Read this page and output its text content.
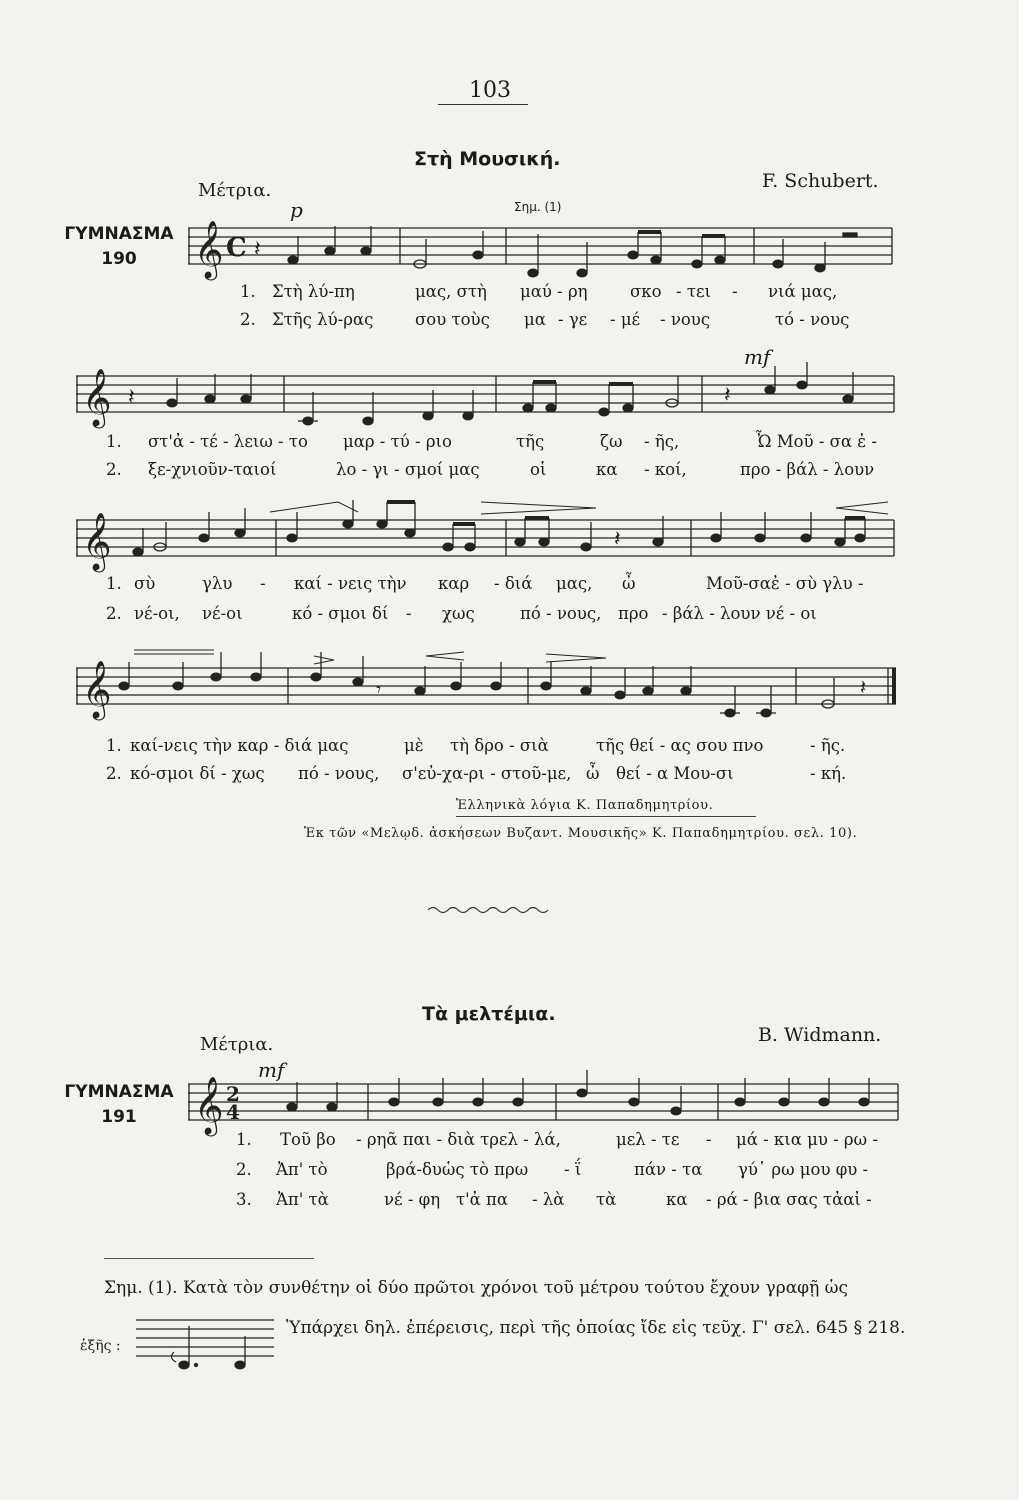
103
Στὴ Μουσική.
F. Schubert.
Μέτρια.
ΓΥΜΝΑΣΜΑ
190
p	Σημ. (1)
𝄞 C 𝄽
1. Στὴ λύ-πη	μας, στὴ μαύ - ρη	σκο - τει - νιά μας,
2. Στῆς λύ-ρας	σου τοὺς μα - γε - μέ - νους	τό - νους
mf
𝄞 𝄽	𝄽
1. στ'ἀ - τέ - λειω - το μαρ - τύ - ριο	τῆς	ζω - ῆς,	Ὦ Μοῦ - σα ἐ -
2. ξε-χνιοῦν-ταιοί	λο - γι - σμοί μας	οἱ	κα - κοί,	προ - βάλ - λουν
𝄞	𝄽
1. σὺ	γλυ - καί - νεις τὴν καρ - διά μας, ὦ	Μοῦ-σαἐ - σὺ γλυ -
2. νέ-οι, νέ-οι	κό - σμοι δί - χως	πό - νους, προ - βάλ - λουν νέ - οι
𝄞	𝄾	𝄽
1. καί-νεις τὴν καρ - διά μας	μὲ τὴ δρο - σιὰ	τῆς θεί - ας σου πνο	- ῆς.
2. κό-σμοι δί - χως πό - νους, σ'εὐ-χα-ρι - στοῦ-με, ὦ θεί - α Μου-σι	- κή.
Ἑλληνικὰ λόγια Κ. Παπαδημητρίου.
Ἐκ τῶν «Μελῳδ. ἀσκήσεων Βυζαντ. Μουσικῆς» Κ. Παπαδημητρίου. σελ. 10).
Τὰ μελτέμια.
B. Widmann.
Μέτρια.
mf
ΓΥΜΝΑΣΜΑ
191	𝄞 2
4
1. Τοῦ βο - ρηᾶ παι - διὰ τρελ - λά,	μελ - τε - μά - κια μυ - ρω -
2. Ἀπ' τὸ	βρά-δυὡς τὸ πρω - ΐ	πάν - τα γύ῾ ρω μου φυ -
3. Ἀπ' τὰ	νέ - φη τ'ἀ πα - λὰ τὰ	κα - ρά - βια σας τἀαἰ -
Σημ. (1). Κατὰ τὸν συνθέτην οἱ δύο πρῶτοι χρόνοι τοῦ μέτρου τούτου ἔχουν γραφῇ ὡς
ἑξῆς :
Ὑπάρχει δηλ. ἐπέρεισις, περὶ τῆς ὁποίας ἴδε εἰς τεῦχ. Γ' σελ. 645 § 218.
